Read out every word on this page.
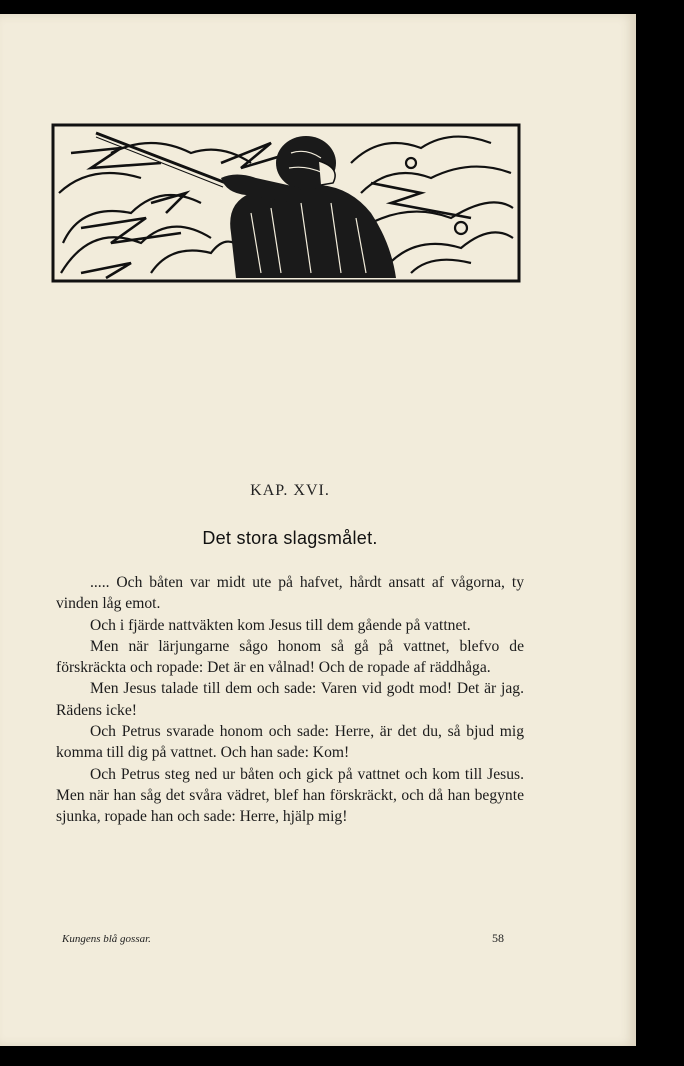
KAP. XVI.
Det stora slagsmålet.

..... Och båten var midt ute på hafvet, hårdt ansatt af vågorna, ty vinden låg emot.

Och i fjärde nattväkten kom Jesus till dem gående på vattnet.

Men när lärjungarne sågo honom så gå på vattnet, blefvo de förskräckta och ropade: Det är en vålnad! Och de ropade af räddhåga.

Men Jesus talade till dem och sade: Varen vid godt mod! Det är jag. Rädens icke!

Och Petrus svarade honom och sade: Herre, är det du, så bjud mig komma till dig på vattnet. Och han sade: Kom!

Och Petrus steg ned ur båten och gick på vattnet och kom till Jesus. Men när han såg det svåra vädret, blef han förskräckt, och då han begynte sjunka, ropade han och sade: Herre, hjälp mig!

Kungens blå gossar.	58
